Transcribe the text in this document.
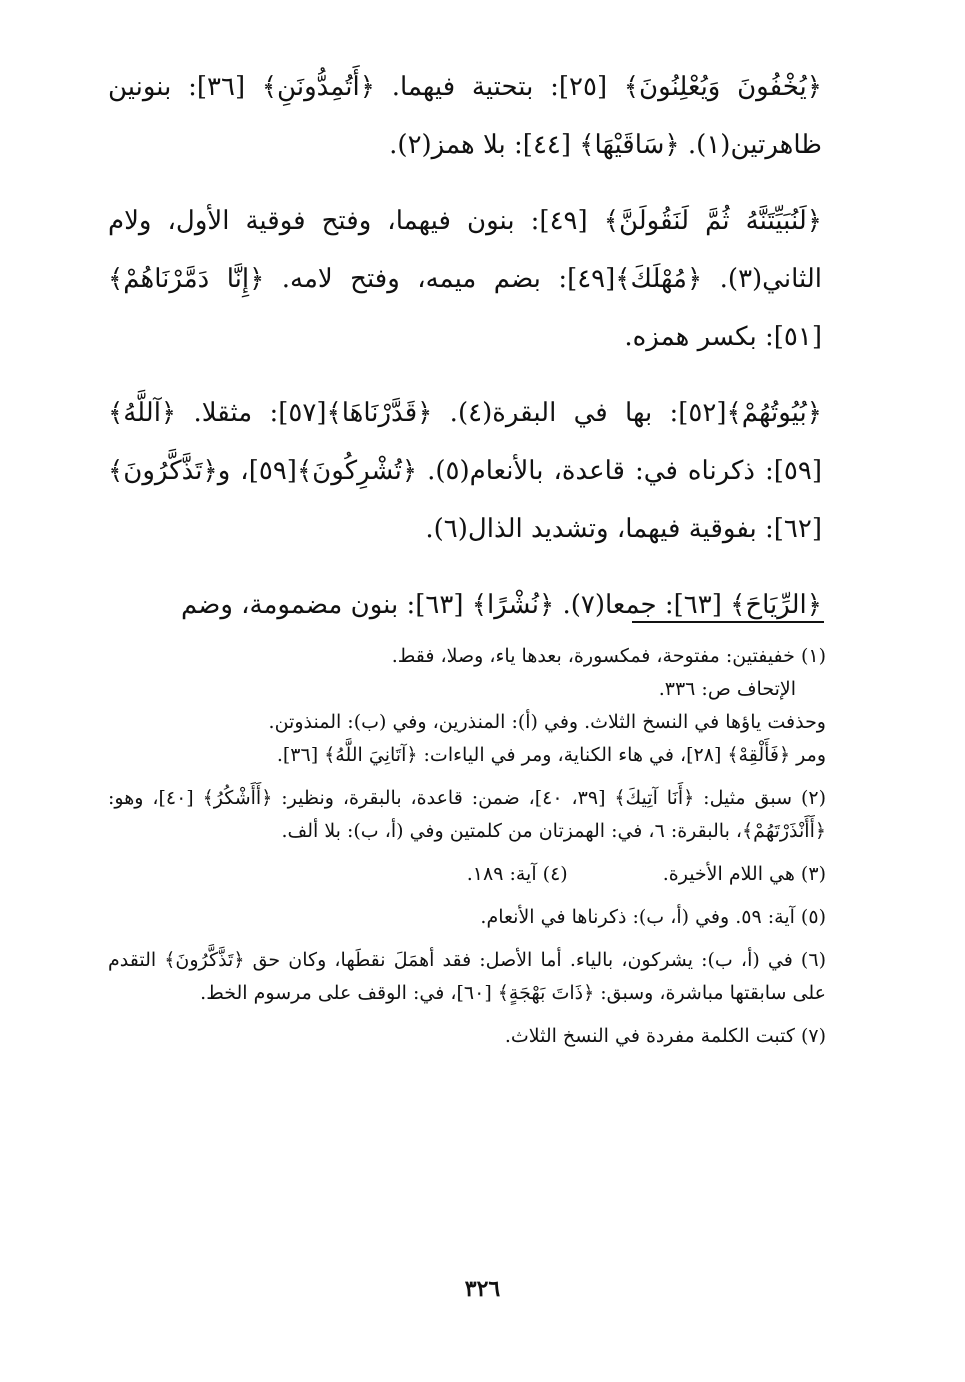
﴿يُخْفُونَ وَيُعْلِنُونَ﴾ [٢٥]: بتحتية فيهما. ﴿أَتُمِدُّونَنِ﴾ [٣٦]: بنونين ظاهرتين(١). ﴿سَاقَيْهَا﴾ [٤٤]: بلا همز(٢).

﴿لَنُبَيِّتَنَّهُ ثُمَّ لَنَقُولَنَّ﴾ [٤٩]: بنون فيهما، وفتح فوقية الأول، ولام الثاني(٣). ﴿مُهْلَكَ﴾[٤٩]: بضم ميمه، وفتح لامه. ﴿إِنَّا دَمَّرْنَاهُمْ﴾ [٥١]: بكسر همزه.

﴿بُيُوتُهُمْ﴾[٥٢]: بها في البقرة(٤). ﴿قَدَّرْنَاهَا﴾[٥٧]: مثقلا. ﴿آللَّهُ﴾[٥٩]: ذكرناه في: قاعدة، بالأنعام(٥). ﴿تُشْرِكُونَ﴾[٥٩]، و﴿تَذَّكَّرُونَ﴾[٦٢]: بفوقية فيهما، وتشديد الذال(٦).

﴿الرِّيَاحَ﴾ [٦٣]: جمعا(٧). ﴿نُشْرًا﴾ [٦٣]: بنون مضمومة، وضم

(١) خفيفتين: مفتوحة، فمكسورة، بعدها ياء، وصلا، فقط.
الإتحاف ص: ٣٣٦.
وحذفت ياؤها في النسخ الثلاث. وفي (أ): المنذرين، وفي (ب): المنذوتن.
ومر ﴿فَأَلْقِهْ﴾ [٢٨]، في هاء الكناية، ومر في الياءات: ﴿آتَانِيَ اللَّهُ﴾ [٣٦].
(٢) سبق مثيل: ﴿أَنَا آتِيكَ﴾ [٣٩، ٤٠]، ضمن: قاعدة، بالبقرة، ونظير: ﴿أَأَشْكُرُ﴾ [٤٠]، وهو: ﴿أَأَنْذَرْتَهُمْ﴾، بالبقرة: ٦، في: الهمزتان من كلمتين وفي (أ، ب): بلا ألف.
(٣) هي اللام الأخيرة.
(٤) آية: ١٨٩.
(٥) آية: ٥٩. وفي (أ، ب): ذكرناها في الأنعام.
(٦) في (أ، ب): يشركون، بالياء. أما الأصل: فقد أهمَلَ نقطَها، وكان حق ﴿تَذَّكَّرُونَ﴾ التقدم على سابقتها مباشرة، وسبق: ﴿ذَاتَ بَهْجَةٍ﴾ [٦٠]، في: الوقف على مرسوم الخط.
(٧) كتبت الكلمة مفردة في النسخ الثلاث.
٣٢٦
